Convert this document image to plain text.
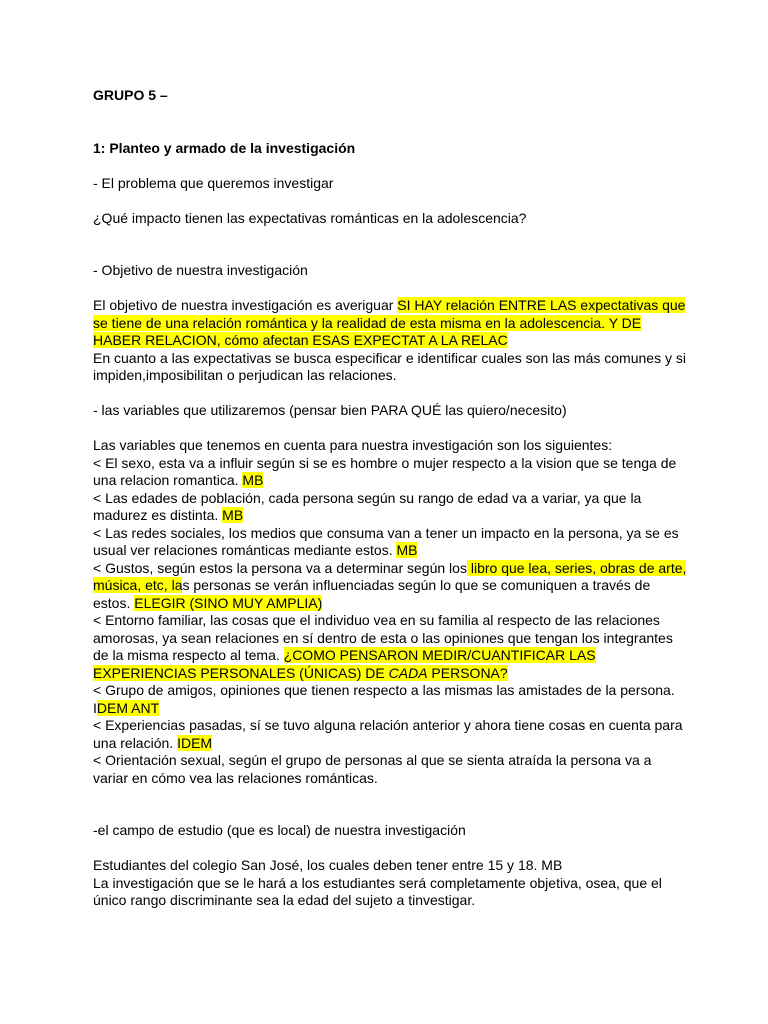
GRUPO 5 –

1: Planteo y armado de la investigación

- El problema que queremos investigar

¿Qué impacto tienen las expectativas románticas en la adolescencia?

- Objetivo de nuestra investigación

El objetivo de nuestra investigación es averiguar SI HAY relación ENTRE LAS expectativas que se tiene de una relación romántica y la realidad de esta misma en la adolescencia. Y DE HABER RELACION, cómo afectan ESAS EXPECTAT A LA RELAC

En cuanto a las expectativas se busca especificar e identificar cuales son las más comunes y si impiden,imposibilitan o perjudican las relaciones.

- las variables que utilizaremos (pensar bien PARA QUÉ las quiero/necesito)

Las variables que tenemos en cuenta para nuestra investigación son los siguientes:

< El sexo, esta va a influir según si se es hombre o mujer respecto a la vision que se tenga de una relacion romantica. MB

< Las edades de población, cada persona según su rango de edad va a variar, ya que la madurez es distinta. MB

< Las redes sociales, los medios que consuma van a tener un impacto en la persona, ya se es usual ver relaciones románticas mediante estos. MB

< Gustos, según estos la persona va a determinar según los libro que lea, series, obras de arte, música, etc, las personas se verán influenciadas según lo que se comuniquen a través de estos. ELEGIR (SINO MUY AMPLIA)

< Entorno familiar, las cosas que el individuo vea en su familia al respecto de las relaciones amorosas, ya sean relaciones en sí dentro de esta o las opiniones que tengan los integrantes de la misma respecto al tema. ¿COMO PENSARON MEDIR/CUANTIFICAR LAS EXPERIENCIAS PERSONALES (ÚNICAS) DE CADA PERSONA?

< Grupo de amigos, opiniones que tienen respecto a las mismas las amistades de la persona. IDEM ANT

< Experiencias pasadas, sí se tuvo alguna relación anterior y ahora tiene cosas en cuenta para una relación. IDEM

< Orientación sexual, según el grupo de personas al que se sienta atraída la persona va a variar en cómo vea las relaciones románticas.

-el campo de estudio (que es local) de nuestra investigación

Estudiantes del colegio San José, los cuales deben tener entre 15 y 18. MB

La investigación que se le hará a los estudiantes será completamente objetiva, osea, que el único rango discriminante sea la edad del sujeto a tinvestigar.
